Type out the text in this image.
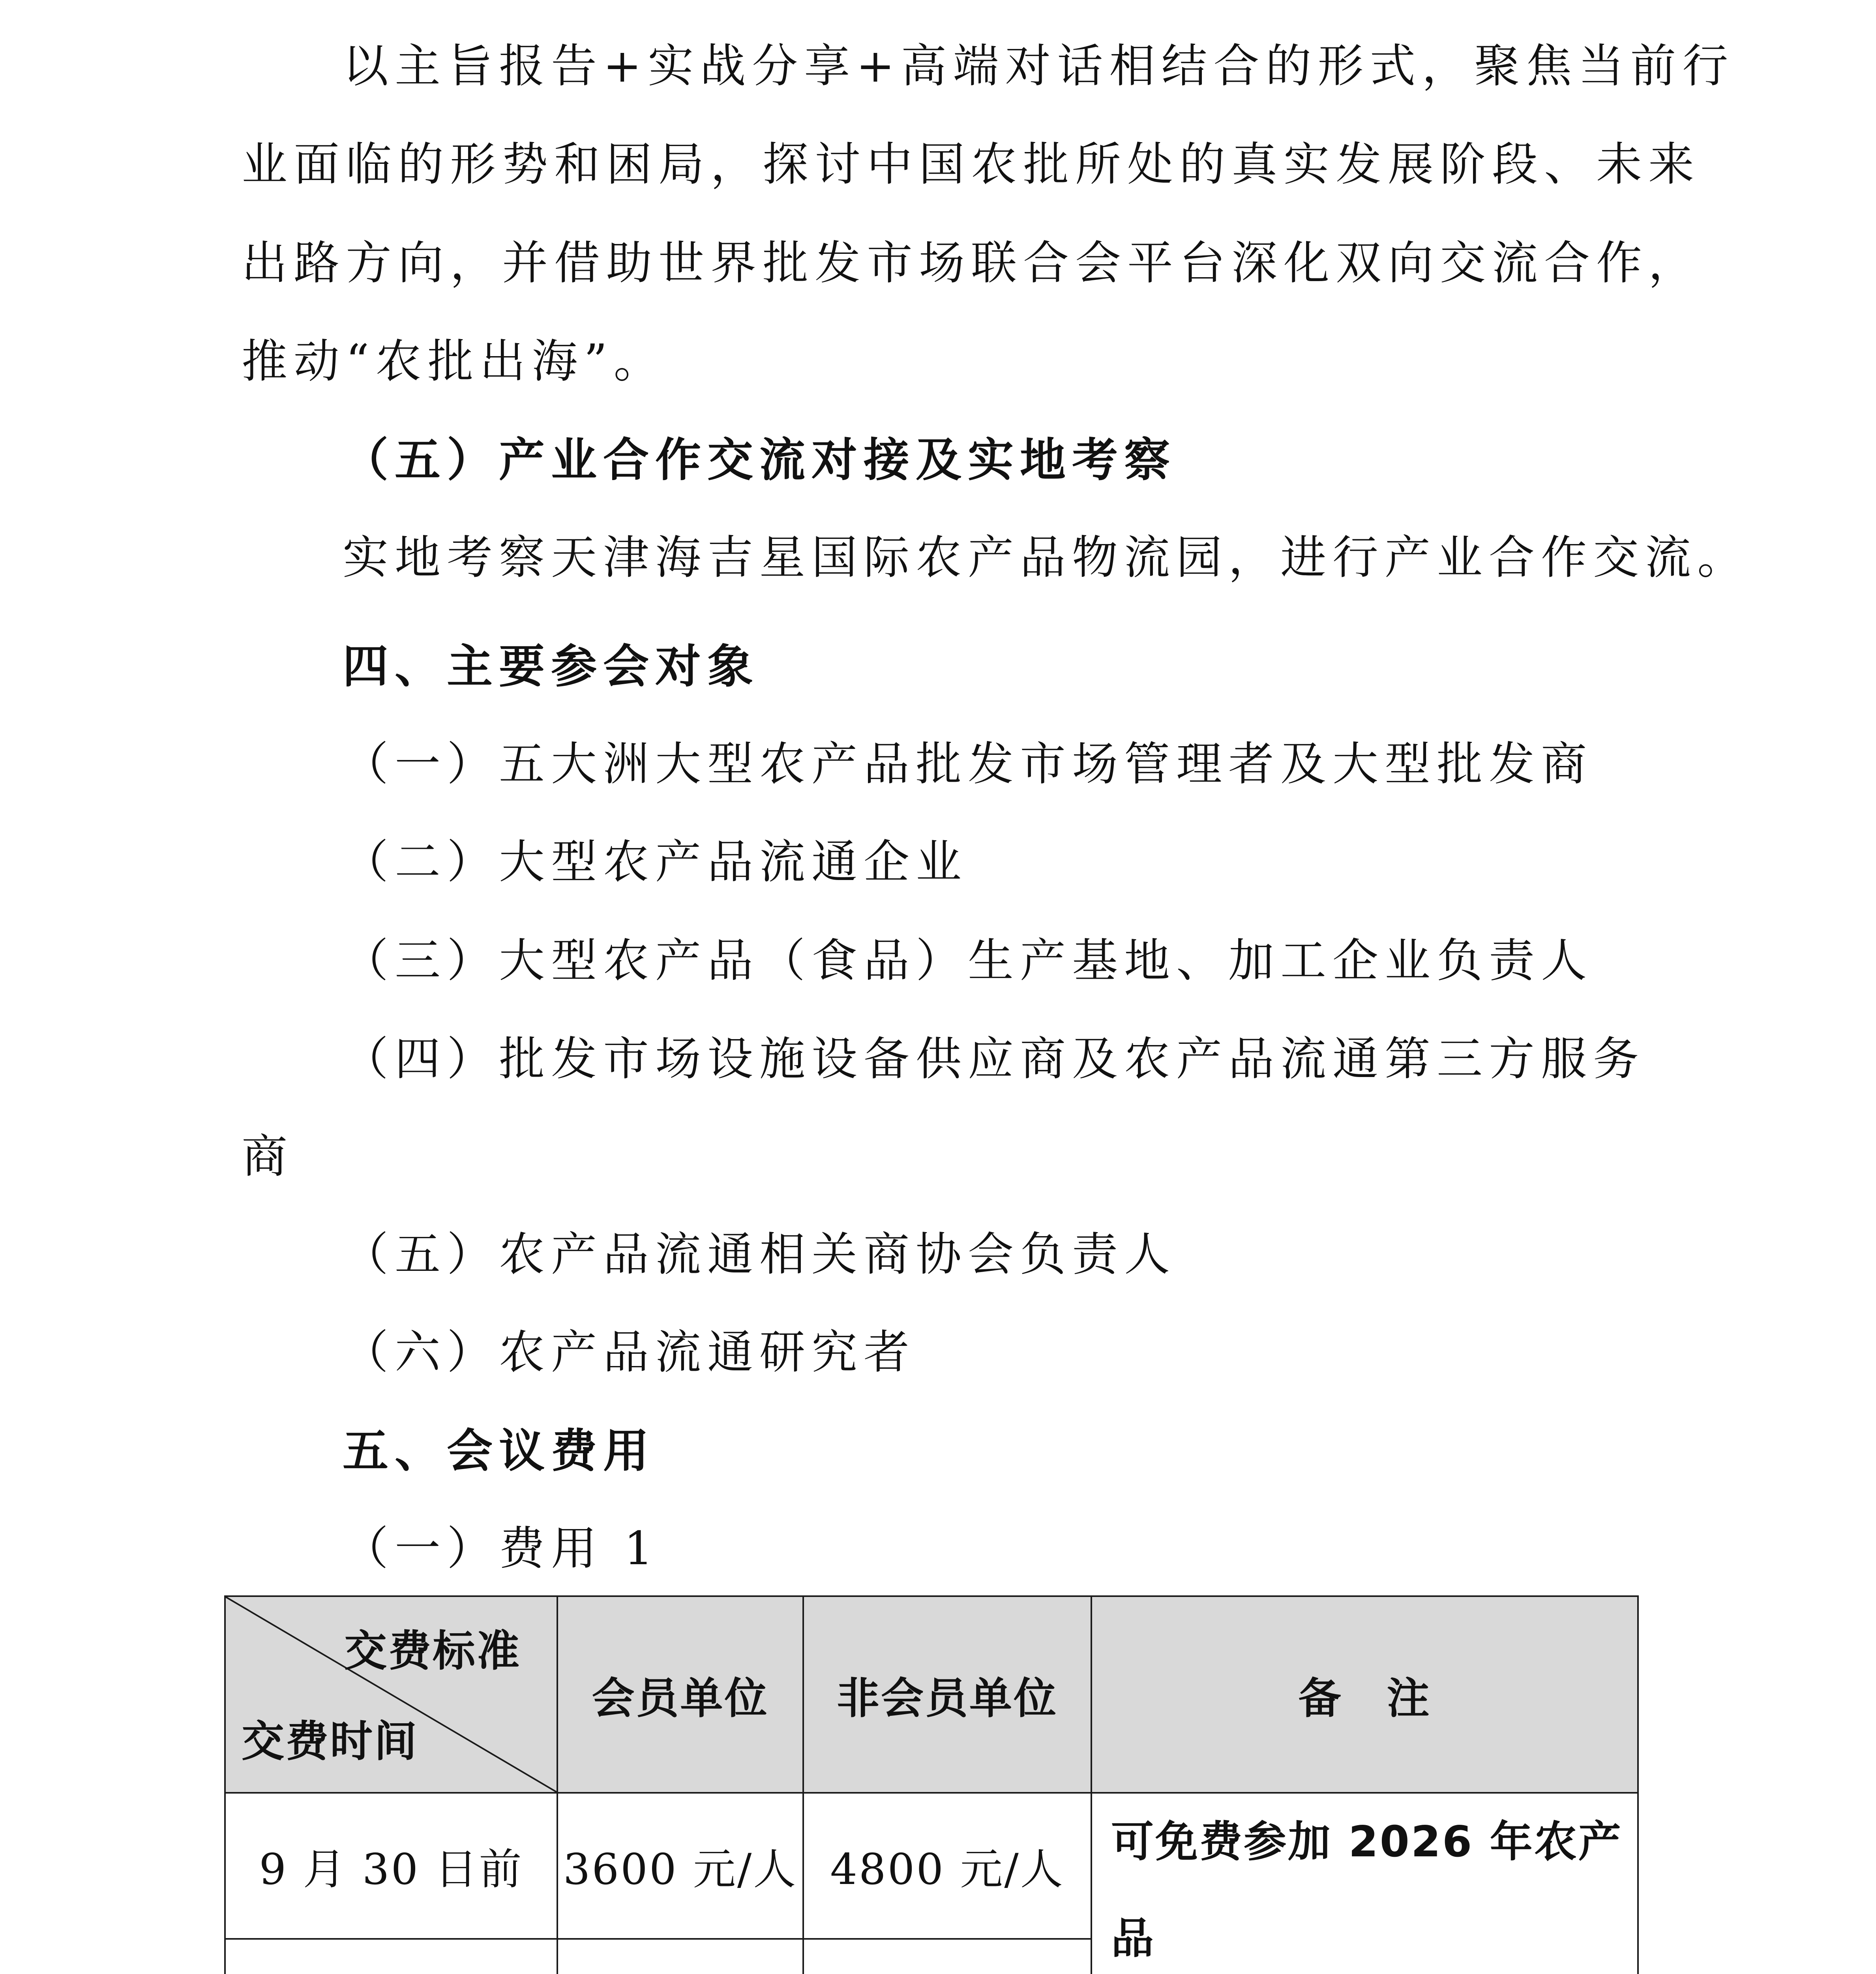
以主旨报告+实战分享+高端对话相结合的形式，聚焦当前行

业面临的形势和困局，探讨中国农批所处的真实发展阶段、未来

出路方向，并借助世界批发市场联合会平台深化双向交流合作，

推动“农批出海”。

（五）产业合作交流对接及实地考察

实地考察天津海吉星国际农产品物流园，进行产业合作交流。

四、主要参会对象

（一）五大洲大型农产品批发市场管理者及大型批发商

（二）大型农产品流通企业

（三）大型农产品（食品）生产基地、加工企业负责人

（四）批发市场设施设备供应商及农产品流通第三方服务

商

（五）农产品流通相关商协会负责人

（六）农产品流通研究者

五、会议费用

（一）费用 1

交费标准
交费时间	会员单位	非会员单位	备　注
9 月 30 日前	3600 元/人	4800 元/人	可免费参加 2026 年农产品
